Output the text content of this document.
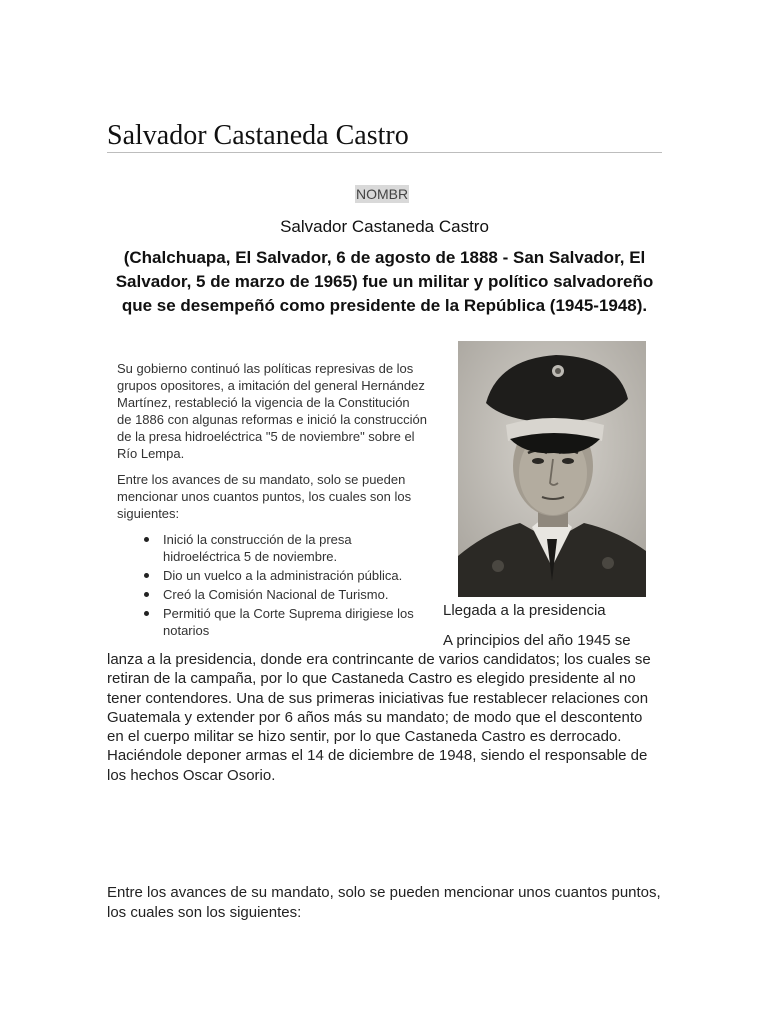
Salvador Castaneda Castro
NOMBR
Salvador Castaneda Castro
(Chalchuapa, El Salvador, 6 de agosto de 1888 - San Salvador, El Salvador, 5 de marzo de 1965) fue un militar y político salvadoreño que se desempeñó como presidente de la República (1945-1948).

Su gobierno continuó las políticas represivas de los grupos opositores, a imitación del general Hernández Martínez, restableció la vigencia de la Constitución de 1886 con algunas reformas e inició la construcción de la presa hidroeléctrica "5 de noviembre" sobre el Río Lempa.

Entre los avances de su mandato, solo se pueden mencionar unos cuantos puntos, los cuales son los siguientes:

Inició la construcción de la presa hidroeléctrica 5 de noviembre.
Dio un vuelco a la administración pública.
Creó la Comisión Nacional de Turismo.
Permitió que la Corte Suprema dirigiese los notarios
Llegada a la presidencia
A principios del año 1945 se
lanza a la presidencia, donde era contrincante de varios candidatos; los cuales se retiran de la campaña, por lo que Castaneda Castro es elegido presidente al no tener contendores. Una de sus primeras iniciativas fue restablecer relaciones con Guatemala y extender por 6 años más su mandato; de modo que el descontento en el cuerpo militar se hizo sentir, por lo que Castaneda Castro es derrocado. Haciéndole deponer armas el 14 de diciembre de 1948, siendo el responsable de los hechos Oscar Osorio.
Entre los avances de su mandato, solo se pueden mencionar unos cuantos puntos, los cuales son los siguientes:
